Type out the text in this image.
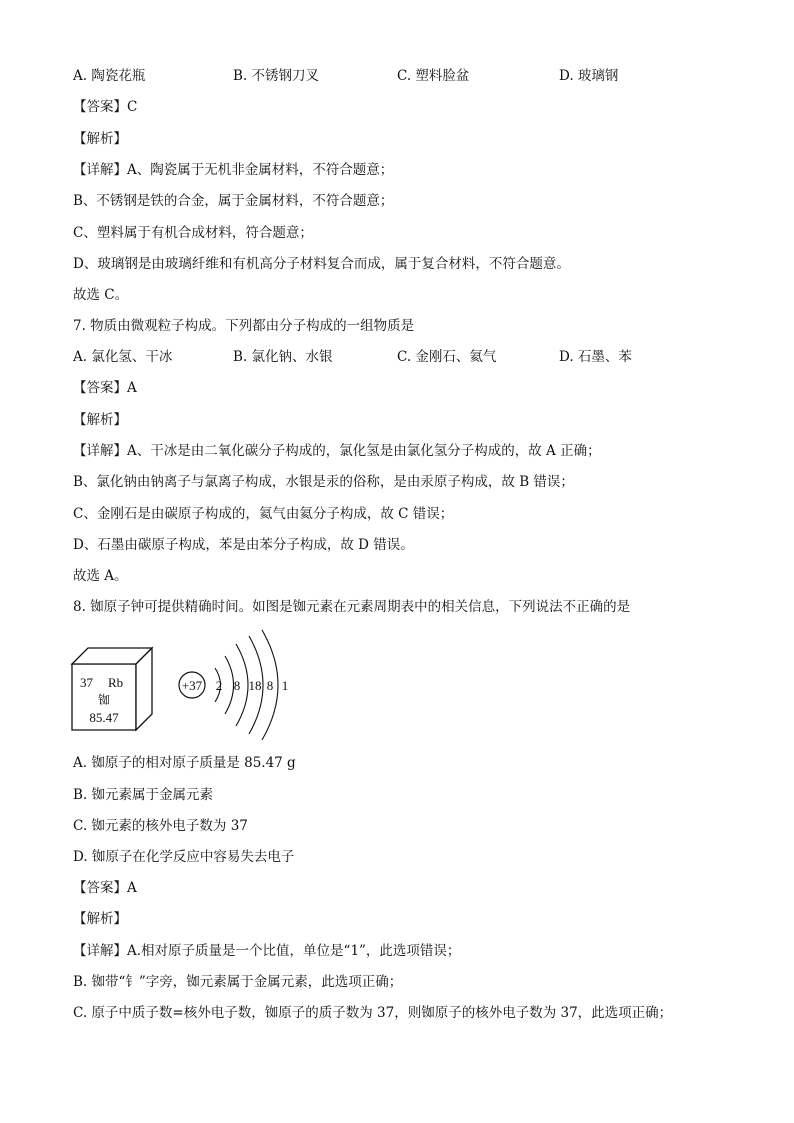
A. 陶瓷花瓶	B. 不锈钢刀叉	C. 塑料脸盆	D. 玻璃钢
【答案】C
【解析】
【详解】A、陶瓷属于无机非金属材料，不符合题意；
B、不锈钢是铁的合金，属于金属材料，不符合题意；
C、塑料属于有机合成材料，符合题意；
D、玻璃钢是由玻璃纤维和有机高分子材料复合而成，属于复合材料，不符合题意。
故选 C。
7. 物质由微观粒子构成。下列都由分子构成的一组物质是
A. 氯化氢、干冰	B. 氯化钠、水银	C. 金刚石、氦气	D. 石墨、苯
【答案】A
【解析】
【详解】A、干冰是由二氧化碳分子构成的，氯化氢是由氯化氢分子构成的，故 A 正确；
B、氯化钠由钠离子与氯离子构成，水银是汞的俗称，是由汞原子构成，故 B 错误；
C、金刚石是由碳原子构成的，氦气由氦分子构成，故 C 错误；
D、石墨由碳原子构成，苯是由苯分子构成，故 D 错误。
故选 A。
8. 铷原子钟可提供精确时间。如图是铷元素在元素周期表中的相关信息，下列说法不正确的是
37 Rb
铷
85.47
+37 2 8 18 8 1
A. 铷原子的相对原子质量是 85.47 g
B. 铷元素属于金属元素
C. 铷元素的核外电子数为 37
D. 铷原子在化学反应中容易失去电子
【答案】A
【解析】
【详解】A.相对原子质量是一个比值，单位是“1”，此选项错误；
B. 铷带“钅”字旁，铷元素属于金属元素，此选项正确；
C. 原子中质子数=核外电子数，铷原子的质子数为 37，则铷原子的核外电子数为 37，此选项正确；
